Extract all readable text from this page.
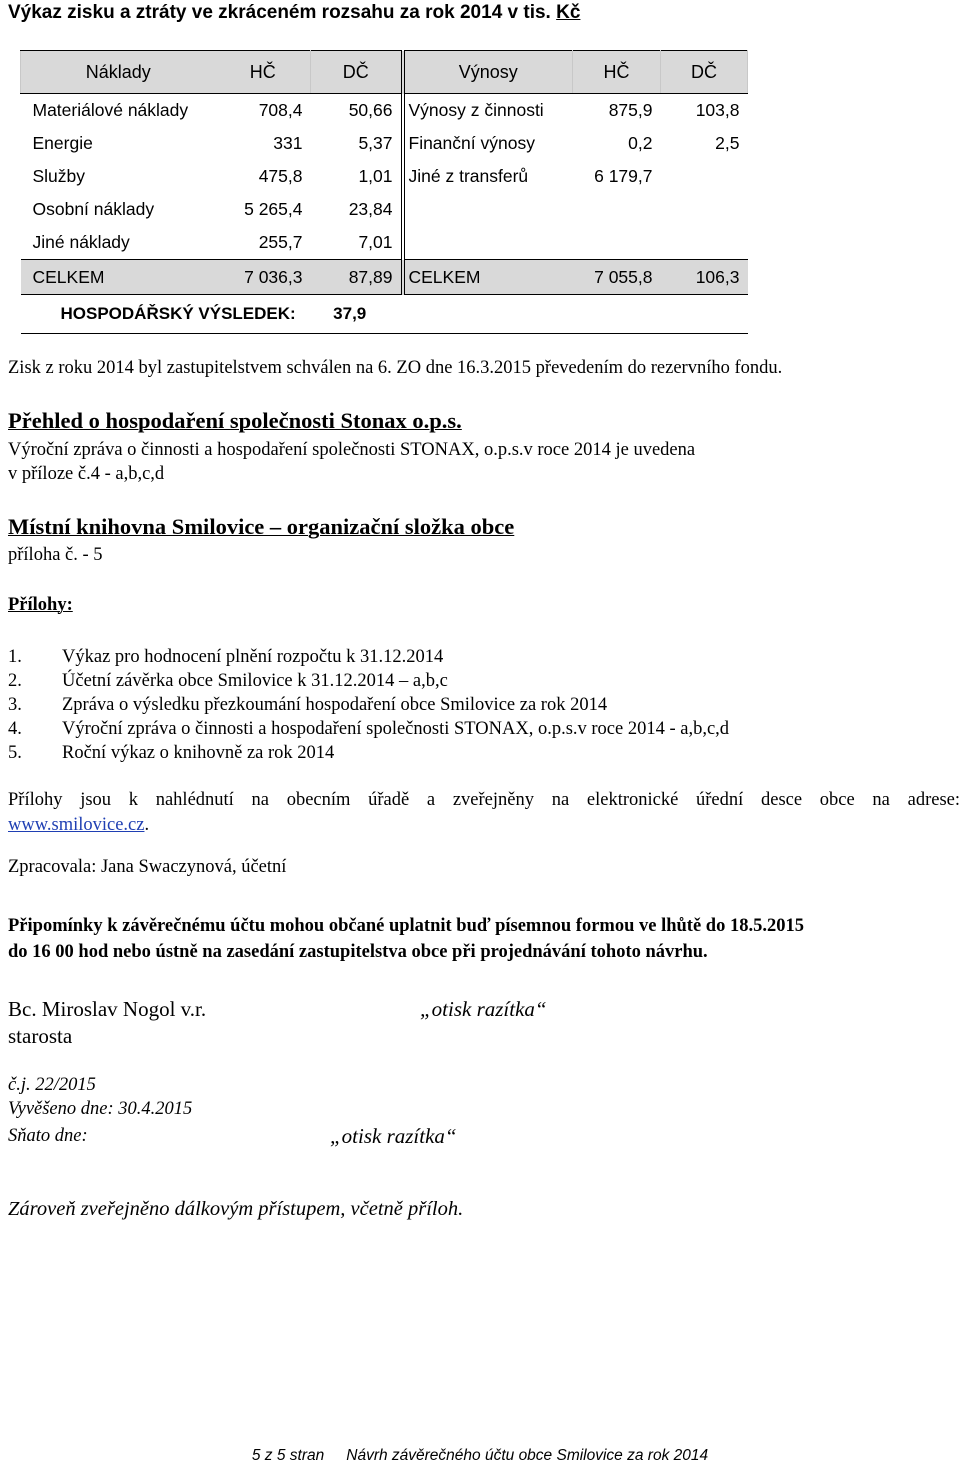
Výkaz zisku a ztráty ve zkráceném rozsahu za rok 2014 v tis. Kč
Náklady	HČ	DČ	Výnosy	HČ	DČ
Materiálové náklady	708,4	50,66	Výnosy z činnosti	875,9	103,8
Energie	331	5,37	Finanční výnosy	0,2	2,5
Služby	475,8	1,01	Jiné z transferů	6 179,7	
Osobní náklady	5 265,4	23,84			
Jiné náklady	255,7	7,01			
CELKEM	7 036,3	87,89	CELKEM	7 055,8	106,3
HOSPODÁŘSKÝ VÝSLEDEK: 37,9					
Zisk z roku 2014 byl zastupitelstvem schválen na 6. ZO dne 16.3.2015 převedením do rezervního fondu.
Přehled o hospodaření společnosti Stonax o.p.s.
Výroční zpráva o činnosti a hospodaření společnosti STONAX, o.p.s.v roce 2014 je uvedena
v příloze č.4 - a,b,c,d
Místní knihovna Smilovice – organizační složka obce
příloha č. - 5
Přílohy:
1. Výkaz pro hodnocení plnění rozpočtu k 31.12.2014
2. Účetní závěrka obce Smilovice k 31.12.2014 – a,b,c
3. Zpráva o výsledku přezkoumání hospodaření obce Smilovice za rok 2014
4. Výroční zpráva o činnosti a hospodaření společnosti STONAX, o.p.s.v roce 2014 - a,b,c,d
5. Roční výkaz o knihovně za rok 2014
Přílohy jsou k nahlédnutí na obecním úřadě a zveřejněny na elektronické úřední desce obce na adrese:
www.smilovice.cz.
Zpracovala: Jana Swaczynová, účetní
Připomínky k závěrečnému účtu mohou občané uplatnit buď písemnou formou ve lhůtě do 18.5.2015
do 16 00 hod nebo ústně na zasedání zastupitelstva obce při projednávání tohoto návrhu.
Bc. Miroslav Nogol v.r.	„otisk razítka“
starosta
č.j. 22/2015
Vyvěšeno dne: 30.4.2015
Sňato dne:	„otisk razítka“
Zároveň zveřejněno dálkovým přístupem, včetně příloh.
5 z 5 stran Návrh závěrečného účtu obce Smilovice za rok 2014
